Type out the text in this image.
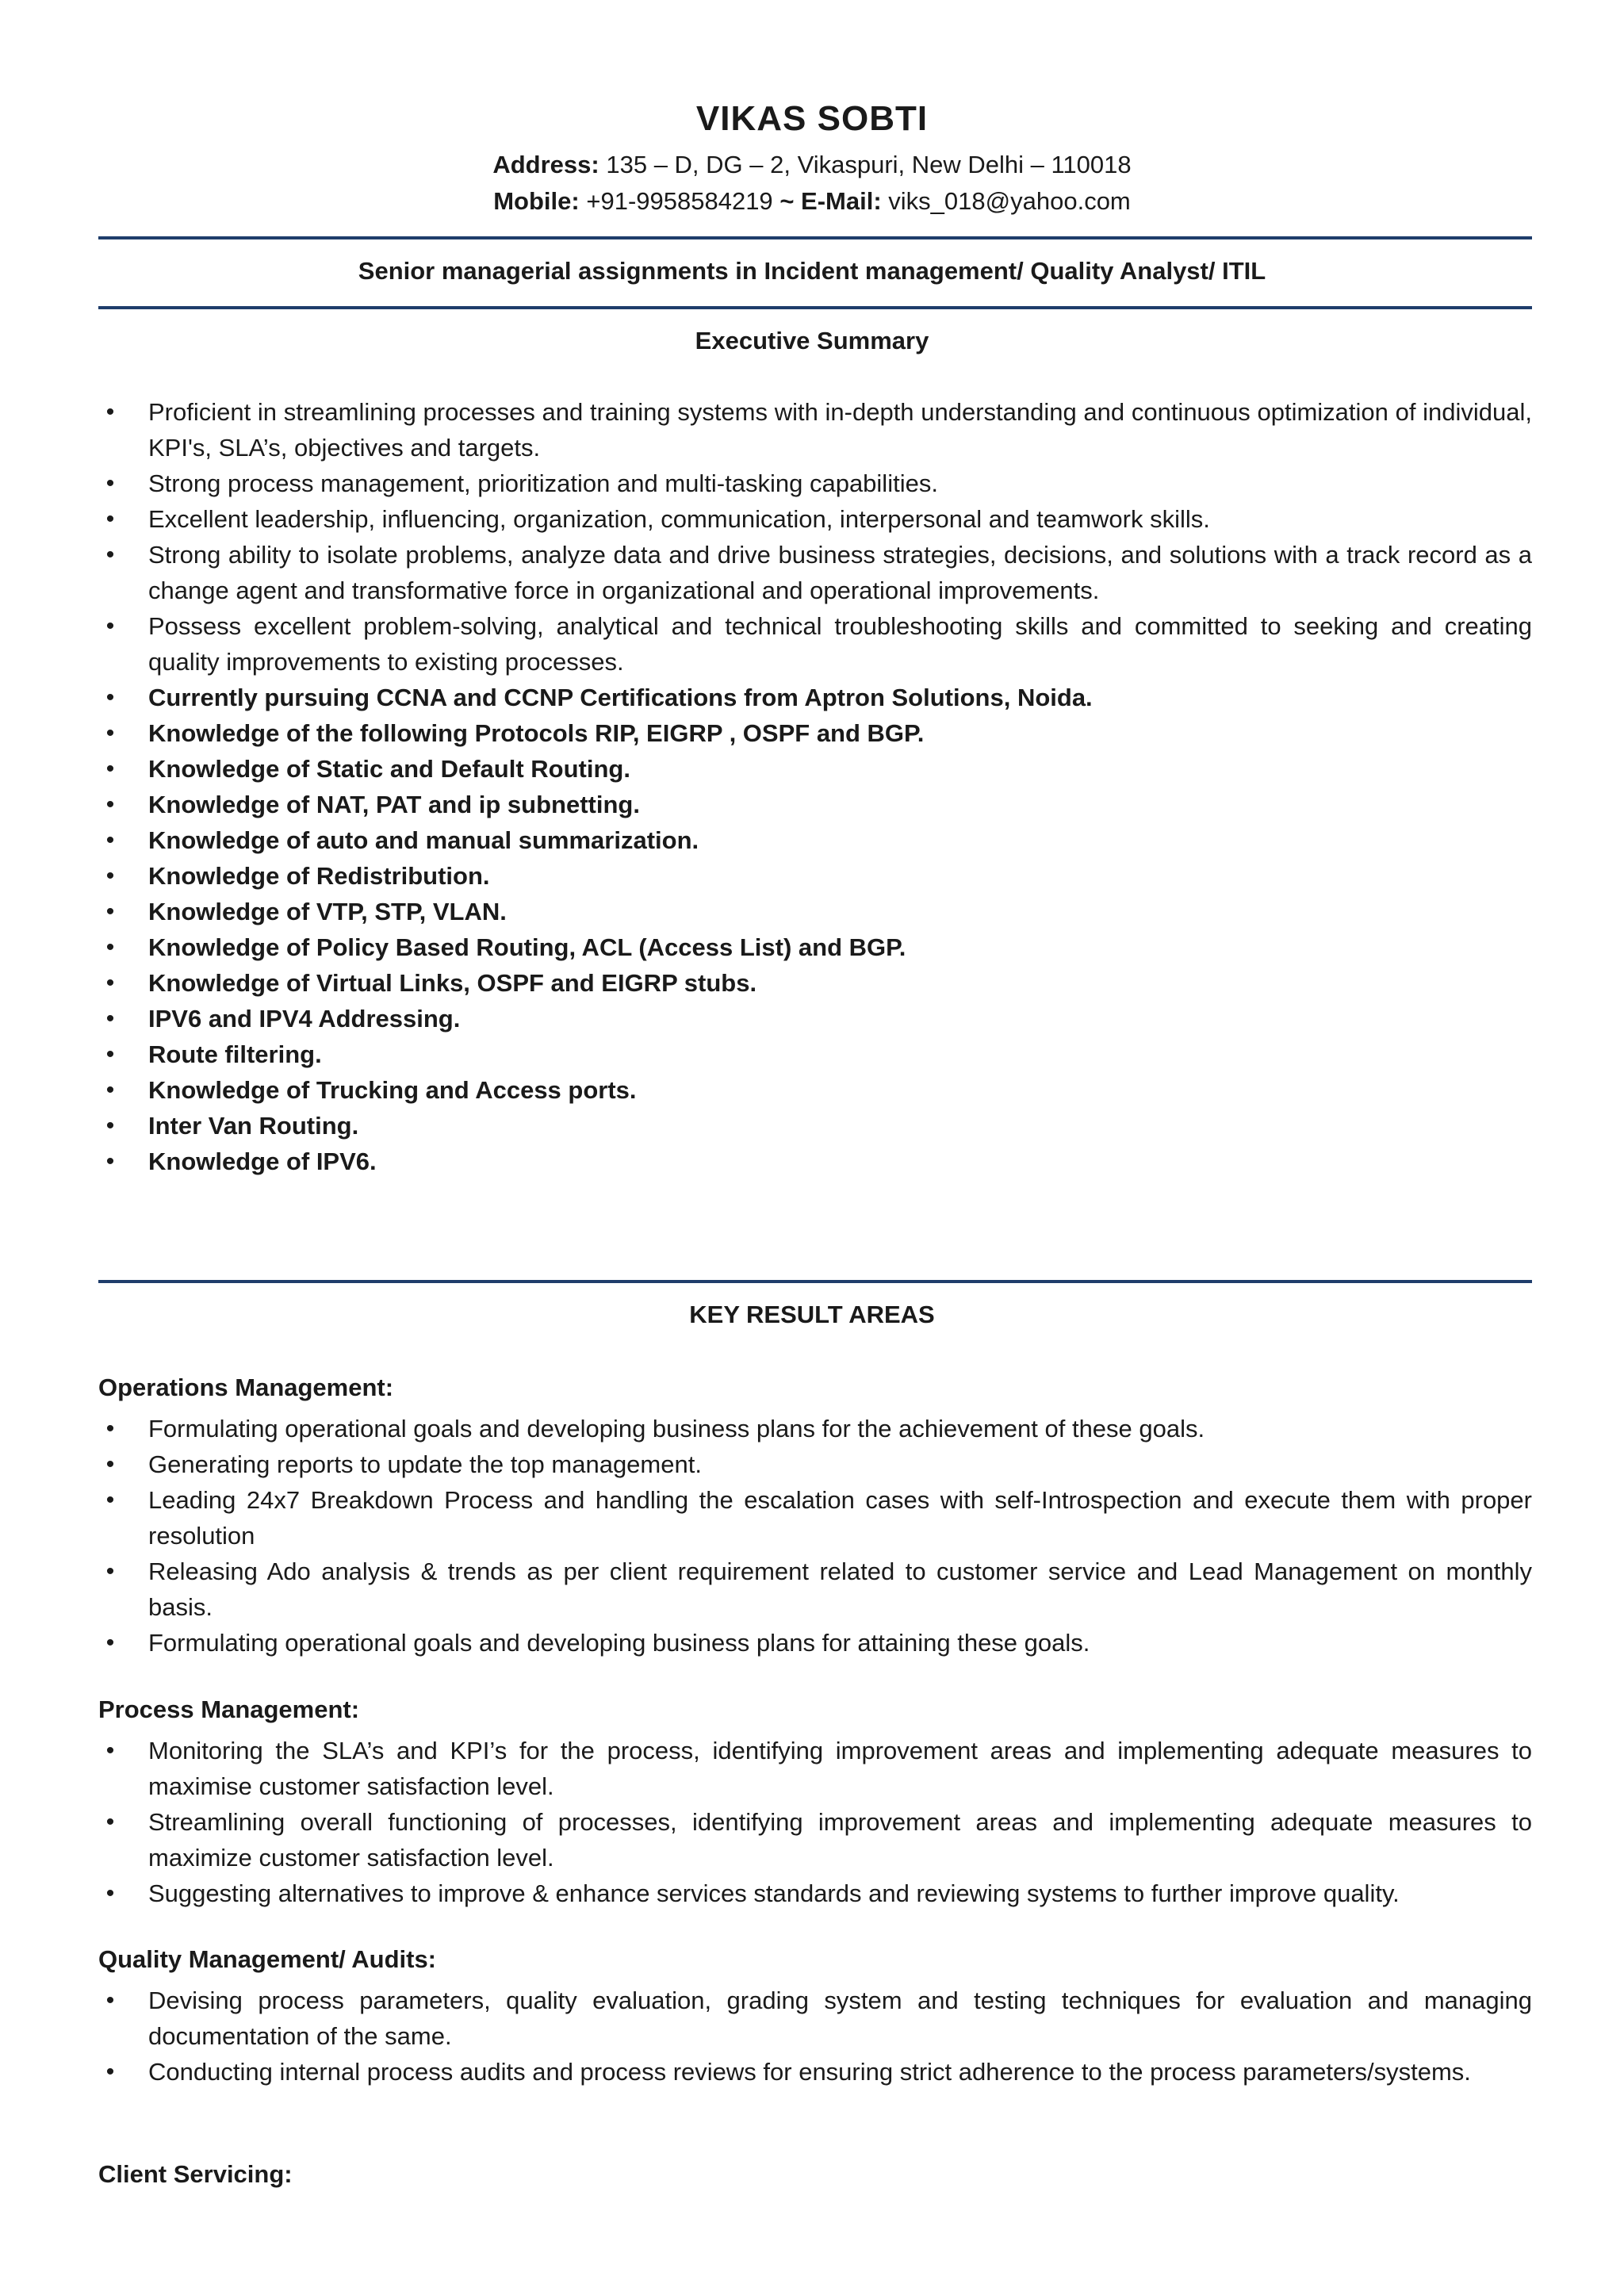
VIKAS SOBTI
Address: 135 – D, DG – 2, Vikaspuri, New Delhi – 110018
Mobile: +91-9958584219 ~ E-Mail: viks_018@yahoo.com
Senior managerial assignments in Incident management/ Quality Analyst/ ITIL
Executive Summary
•	Proficient in streamlining processes and training systems with in-depth understanding and continuous optimization of individual, KPI's, SLA’s, objectives and targets.
•	Strong process management, prioritization and multi-tasking capabilities.
•	Excellent leadership, influencing, organization, communication, interpersonal and teamwork skills.
•	Strong ability to isolate problems, analyze data and drive business strategies, decisions, and solutions with a track record as a change agent and transformative force in organizational and operational improvements.
•	Possess excellent problem-solving, analytical and technical troubleshooting skills and committed to seeking and creating quality improvements to existing processes.
•	Currently pursuing CCNA and CCNP Certifications from Aptron Solutions, Noida.
•	Knowledge of the following Protocols RIP, EIGRP , OSPF and BGP.
•	Knowledge of Static and Default Routing.
•	Knowledge of NAT, PAT and ip subnetting.
•	Knowledge of auto and manual summarization.
•	Knowledge of Redistribution.
•	Knowledge of VTP, STP, VLAN.
•	Knowledge of Policy Based Routing, ACL (Access List) and BGP.
•	Knowledge of Virtual Links, OSPF and EIGRP stubs.
•	IPV6 and IPV4 Addressing.
•	Route filtering.
•	Knowledge of Trucking and Access ports.
•	Inter Van Routing.
•	Knowledge of IPV6.
KEY RESULT AREAS
Operations Management:
•	Formulating operational goals and developing business plans for the achievement of these goals.
•	Generating reports to update the top management.
•	Leading 24x7 Breakdown Process and handling the escalation cases with self-Introspection and execute them with proper resolution
•	Releasing Ado analysis & trends as per client requirement related to customer service and Lead Management on monthly basis.
•	Formulating operational goals and developing business plans for attaining these goals.
Process Management:
•	Monitoring the SLA’s and KPI’s for the process, identifying improvement areas and implementing adequate measures to maximise customer satisfaction level.
•	Streamlining overall functioning of processes, identifying improvement areas and implementing adequate measures to maximize customer satisfaction level.
•	Suggesting alternatives to improve & enhance services standards and reviewing systems to further improve quality.
Quality Management/ Audits:
•	Devising process parameters, quality evaluation, grading system and testing techniques for evaluation and managing documentation of the same.
•	Conducting internal process audits and process reviews for ensuring strict adherence to the process parameters/systems.
Client Servicing:
